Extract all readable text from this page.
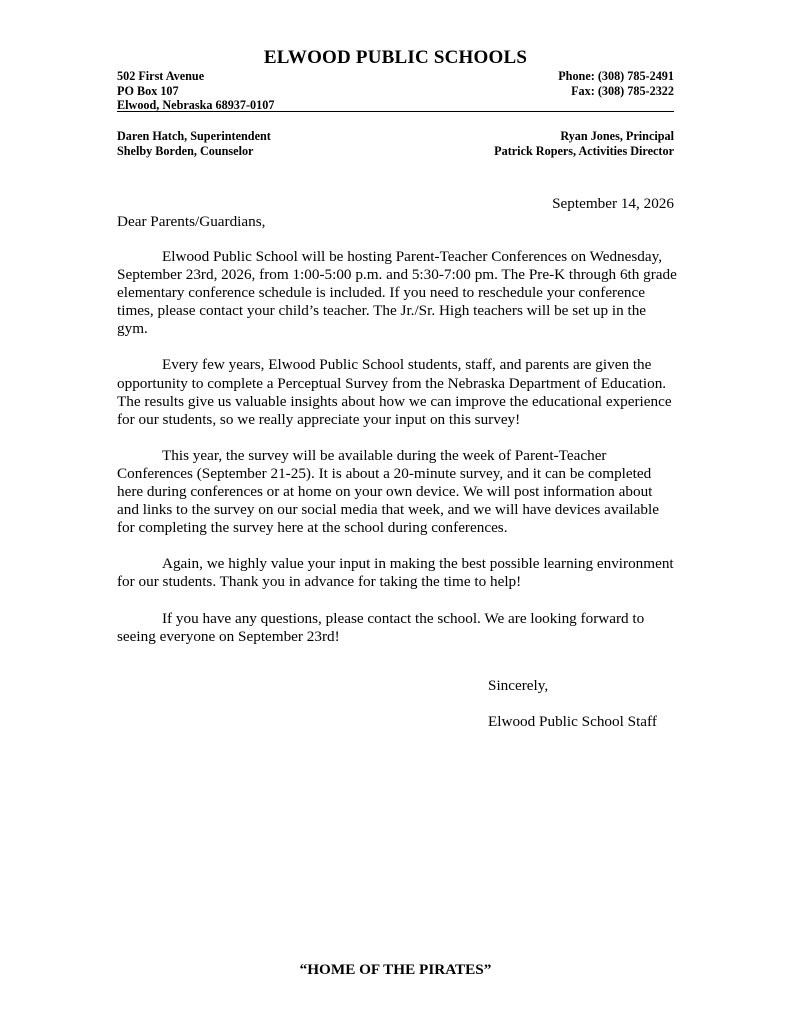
ELWOOD PUBLIC SCHOOLS
502 First Avenue	Phone: (308) 785-2491
PO Box 107	Fax: (308) 785-2322
Elwood, Nebraska 68937-0107
Daren Hatch, Superintendent	Ryan Jones, Principal
Shelby Borden, Counselor	Patrick Ropers, Activities Director
September 14, 2026
Dear Parents/Guardians,

Elwood Public School will be hosting Parent-Teacher Conferences on Wednesday, September 23rd, 2026, from 1:00-5:00 p.m. and 5:30-7:00 pm. The Pre-K through 6th grade elementary conference schedule is included. If you need to reschedule your conference times, please contact your child’s teacher. The Jr./Sr. High teachers will be set up in the gym.

Every few years, Elwood Public School students, staff, and parents are given the opportunity to complete a Perceptual Survey from the Nebraska Department of Education. The results give us valuable insights about how we can improve the educational experience for our students, so we really appreciate your input on this survey!

This year, the survey will be available during the week of Parent-Teacher Conferences (September 21-25). It is about a 20-minute survey, and it can be completed here during conferences or at home on your own device. We will post information about and links to the survey on our social media that week, and we will have devices available for completing the survey here at the school during conferences.

Again, we highly value your input in making the best possible learning environment for our students. Thank you in advance for taking the time to help!

If you have any questions, please contact the school. We are looking forward to seeing everyone on September 23rd!

Sincerely,
Elwood Public School Staff
“HOME OF THE PIRATES”
